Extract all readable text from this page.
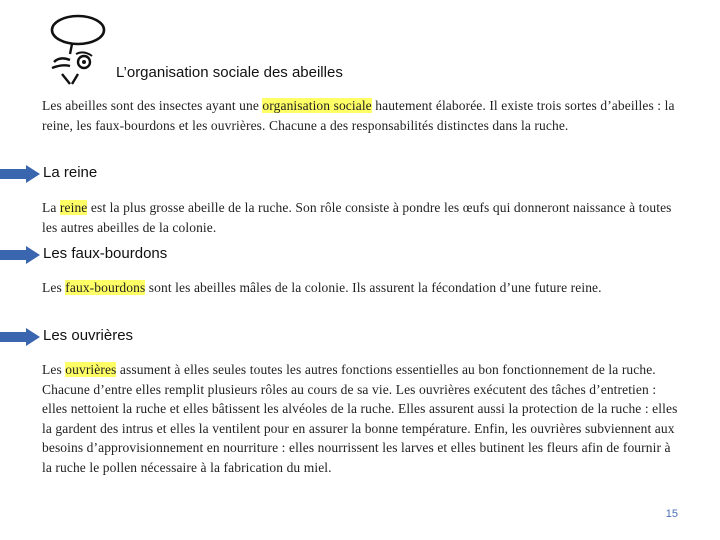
L’organisation sociale des abeilles

Les abeilles sont des insectes ayant une organisation sociale hautement élaborée. Il existe trois sortes d’abeilles : la reine, les faux-bourdons et les ouvrières. Chacune a des responsabilités distinctes dans la ruche.

La reine

La reine est la plus grosse abeille de la ruche. Son rôle consiste à pondre les œufs qui donneront naissance à toutes les autres abeilles de la colonie.

Les faux-bourdons

Les faux-bourdons sont les abeilles mâles de la colonie. Ils assurent la fécondation d’une future reine.

Les ouvrières

Les ouvrières assument à elles seules toutes les autres fonctions essentielles au bon fonctionnement de la ruche. Chacune d’entre elles remplit plusieurs rôles au cours de sa vie. Les ouvrières exécutent des tâches d’entretien : elles nettoient la ruche et elles bâtissent les alvéoles de la ruche. Elles assurent aussi la protection de la ruche : elles la gardent des intrus et elles la ventilent pour en assurer la bonne température. Enfin, les ouvrières subviennent aux besoins d’approvisionnement en nourriture : elles nourrissent les larves et elles butinent les fleurs afin de fournir à la ruche le pollen nécessaire à la fabrication du miel.

15
